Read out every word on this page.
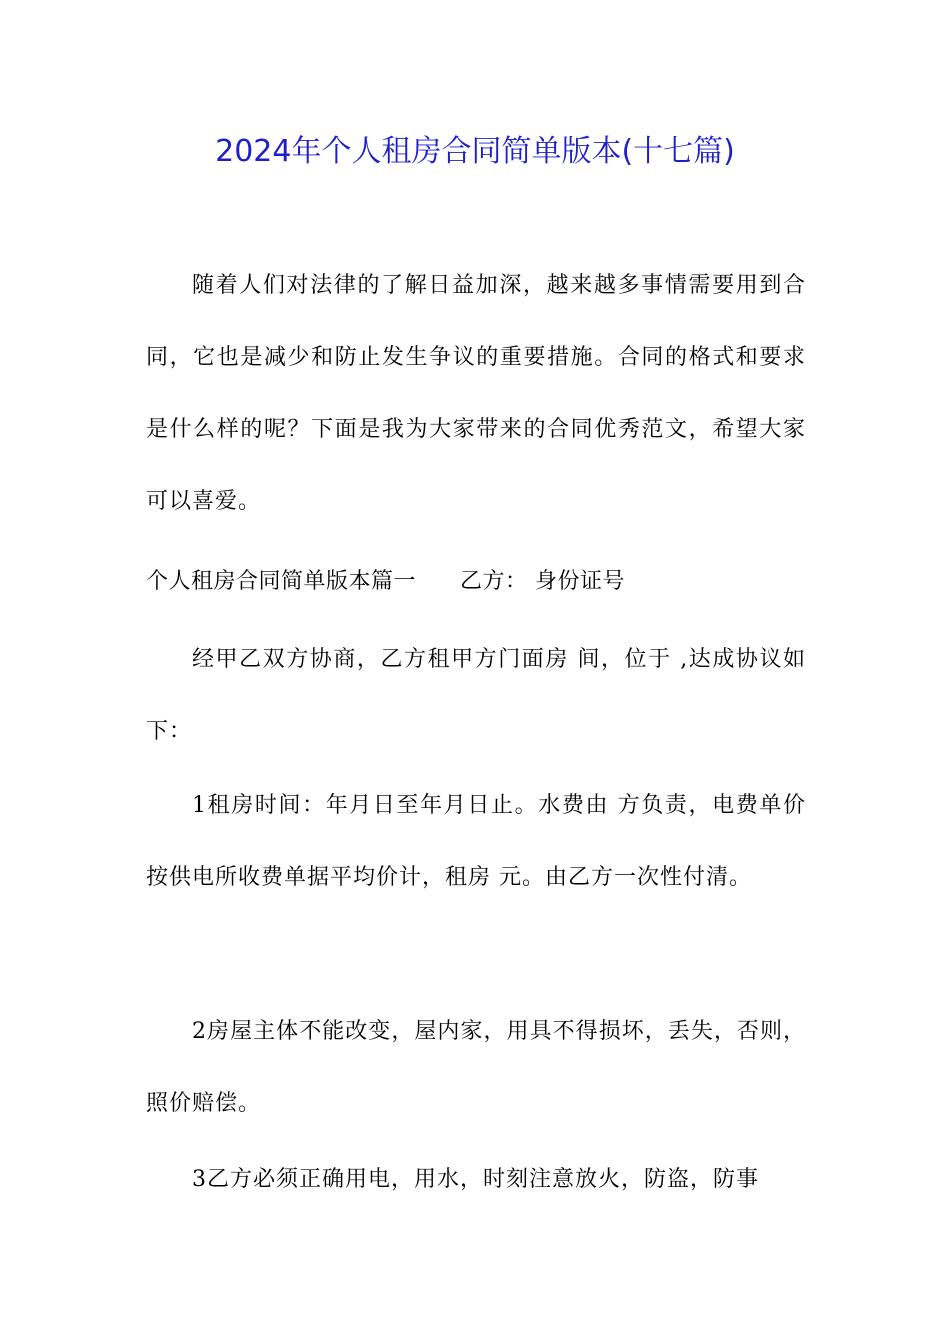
2024年个人租房合同简单版本(十七篇)

随着人们对法律的了解日益加深，越来越多事情需要用到合同，它也是减少和防止发生争议的重要措施。合同的格式和要求是什么样的呢？下面是我为大家带来的合同优秀范文，希望大家可以喜爱。

个人租房合同简单版本篇一 乙方： 身份证号

经甲乙双方协商，乙方租甲方门面房 间，位于 ,达成协议如下：

1租房时间：年月日至年月日止。水费由 方负责，电费单价按供电所收费单据平均价计，租房 元。由乙方一次性付清。

2房屋主体不能改变，屋内家，用具不得损坏，丢失，否则，照价赔偿。

3乙方必须正确用电，用水，时刻注意放火，防盗，防事
